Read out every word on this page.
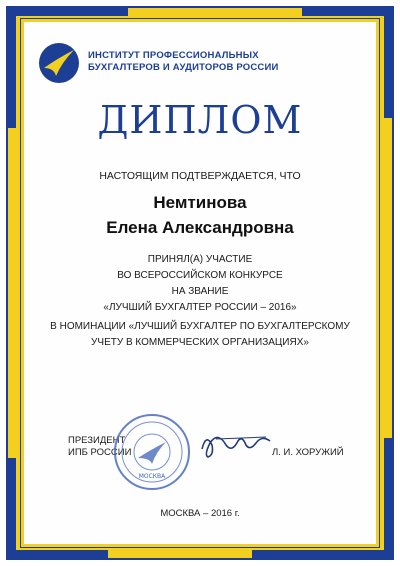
ИНСТИТУТ ПРОФЕССИОНАЛЬНЫХ
БУХГАЛТЕРОВ И АУДИТОРОВ РОССИИ
ДИПЛОМ
НАСТОЯЩИМ ПОДТВЕРЖДАЕТСЯ, ЧТО
Немтинова
Елена Александровна
ПРИНЯЛ(А) УЧАСТИЕ
ВО ВСЕРОССИЙСКОМ КОНКУРСЕ
НА ЗВАНИЕ
«ЛУЧШИЙ БУХГАЛТЕР РОССИИ – 2016»
В НОМИНАЦИИ «ЛУЧШИЙ БУХГАЛТЕР ПО БУХГАЛТЕРСКОМУ
УЧЕТУ В КОММЕРЧЕСКИХ ОРГАНИЗАЦИЯХ»
ПРЕЗИДЕНТ
ИПБ РОССИИ
МОСКВА
Л. И. ХОРУЖИЙ
МОСКВА – 2016 г.
